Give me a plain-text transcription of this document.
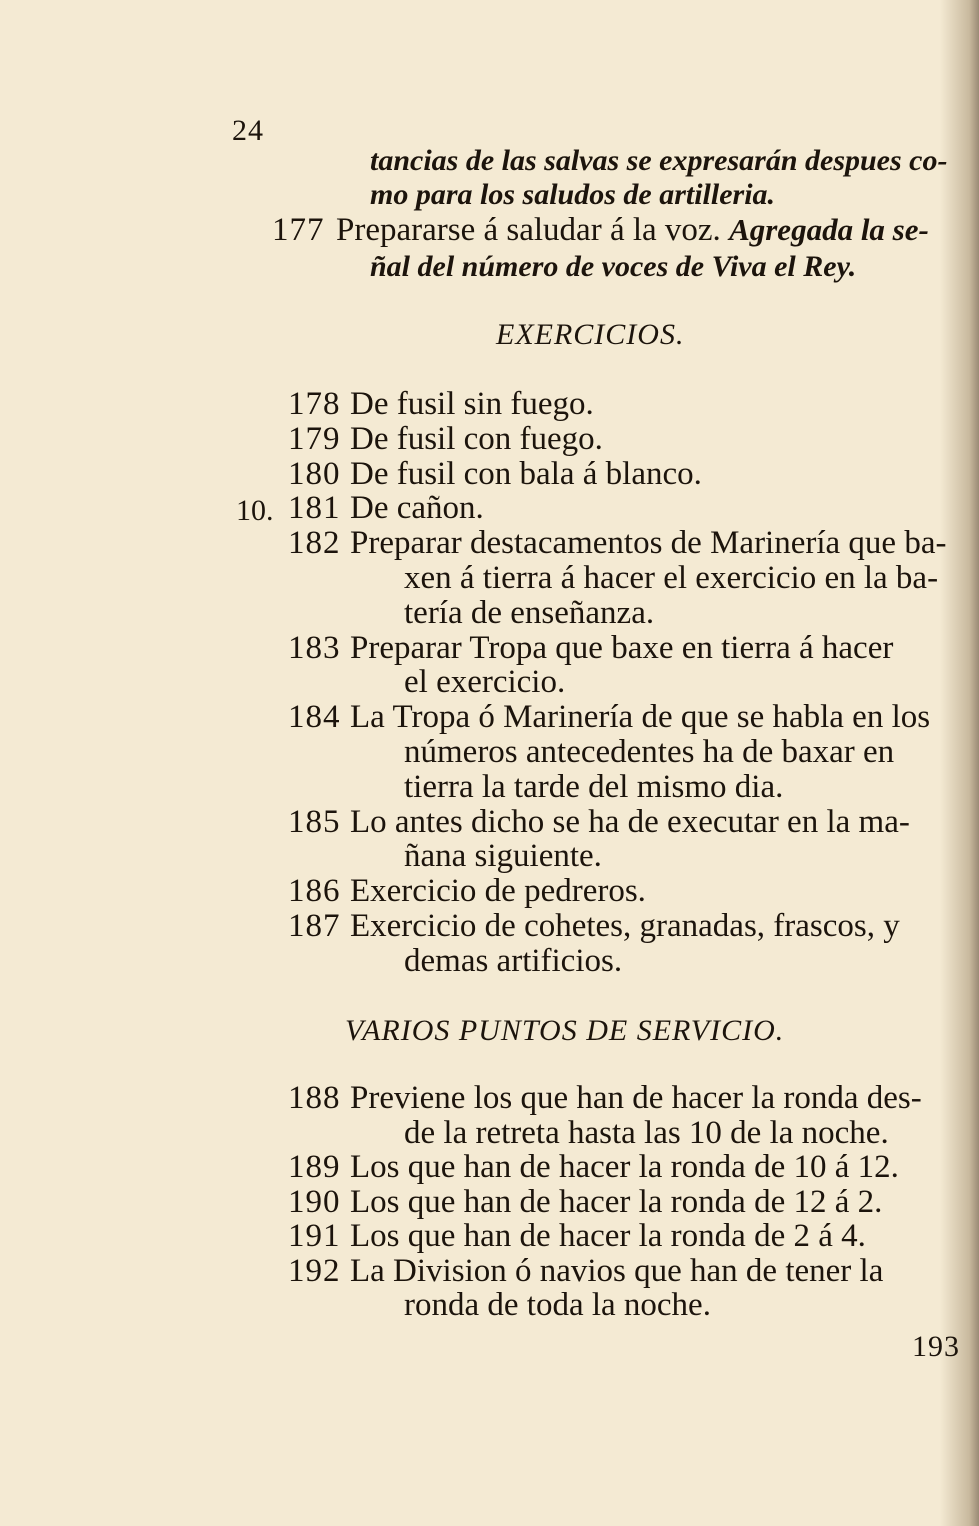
24
tancias de las salvas se expresarán despues co-
mo para los saludos de artilleria.
177 Prepararse á saludar á la voz. Agregada la se-
ñal del número de voces de Viva el Rey.
EXERCICIOS.
10.
178 De fusil sin fuego.
179 De fusil con fuego.
180 De fusil con bala á blanco.
181 De cañon.
182 Preparar destacamentos de Marinería que ba-
xen á tierra á hacer el exercicio en la ba-
tería de enseñanza.
183 Preparar Tropa que baxe en tierra á hacer
el exercicio.
184 La Tropa ó Marinería de que se habla en los
números antecedentes ha de baxar en
tierra la tarde del mismo dia.
185 Lo antes dicho se ha de executar en la ma-
ñana siguiente.
186 Exercicio de pedreros.
187 Exercicio de cohetes, granadas, frascos, y
demas artificios.
VARIOS PUNTOS DE SERVICIO.
188 Previene los que han de hacer la ronda des-
de la retreta hasta las 10 de la noche.
189 Los que han de hacer la ronda de 10 á 12.
190 Los que han de hacer la ronda de 12 á 2.
191 Los que han de hacer la ronda de 2 á 4.
192 La Division ó navios que han de tener la
ronda de toda la noche.
193
